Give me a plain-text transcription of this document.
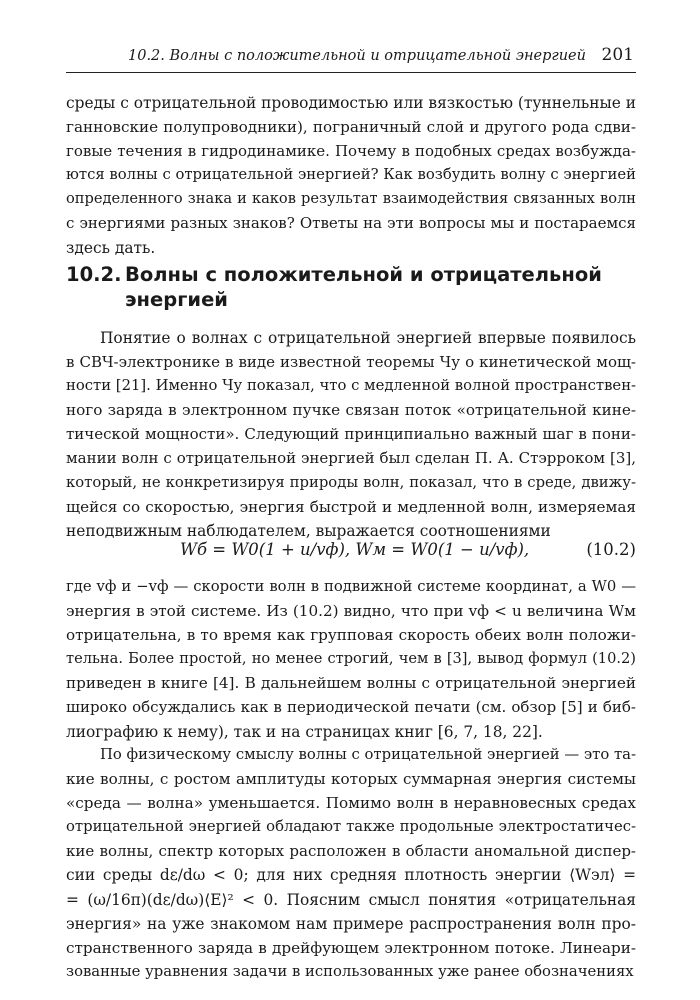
10.2. Волны с положительной и отрицательной энергией 201
среды с отрицательной проводимостью или вязкостью (туннельные и
ганновские полупроводники), пограничный слой и другого рода сдви-
говые течения в гидродинамике. Почему в подобных средах возбужда-
ются волны с отрицательной энергией? Как возбудить волну с энергией
определенного знака и каков результат взаимодействия связанных волн
с энергиями разных знаков? Ответы на эти вопросы мы и постараемся
здесь дать.
10.2. Волны с положительной и отрицательной
энергией
Понятие о волнах с отрицательной энергией впервые появилось
в СВЧ-электронике в виде известной теоремы Чу о кинетической мощ-
ности [21]. Именно Чу показал, что с медленной волной пространствен-
ного заряда в электронном пучке связан поток «отрицательной кине-
тической мощности». Следующий принципиально важный шаг в пони-
мании волн с отрицательной энергией был сделан П. А. Стэрроком [3],
который, не конкретизируя природы волн, показал, что в среде, движу-
щейся со скоростью, энергия быстрой и медленной волн, измеряемая
неподвижным наблюдателем, выражается соотношениями
Wб = W0(1 + u/vф), Wм = W0(1 − u/vф),	(10.2)
где vф и −vф — скорости волн в подвижной системе координат, а W0 —
энергия в этой системе. Из (10.2) видно, что при vф < u величина Wм
отрицательна, в то время как групповая скорость обеих волн положи-
тельна. Более простой, но менее строгий, чем в [3], вывод формул (10.2)
приведен в книге [4]. В дальнейшем волны с отрицательной энергией
широко обсуждались как в периодической печати (см. обзор [5] и биб-
лиографию к нему), так и на страницах книг [6, 7, 18, 22].
По физическому смыслу волны с отрицательной энергией — это та-
кие волны, с ростом амплитуды которых суммарная энергия системы
«среда — волна» уменьшается. Помимо волн в неравновесных средах
отрицательной энергией обладают также продольные электростатичес-
кие волны, спектр которых расположен в области аномальной диспер-
сии среды dε/dω < 0; для них средняя плотность энергии ⟨Wэл⟩ =
= (ω/16π)(dε/dω)⟨E⟩² < 0. Поясним смысл понятия «отрицательная
энергия» на уже знакомом нам примере распространения волн про-
странственного заряда в дрейфующем электронном потоке. Линеари-
зованные уравнения задачи в использованных уже ранее обозначениях
